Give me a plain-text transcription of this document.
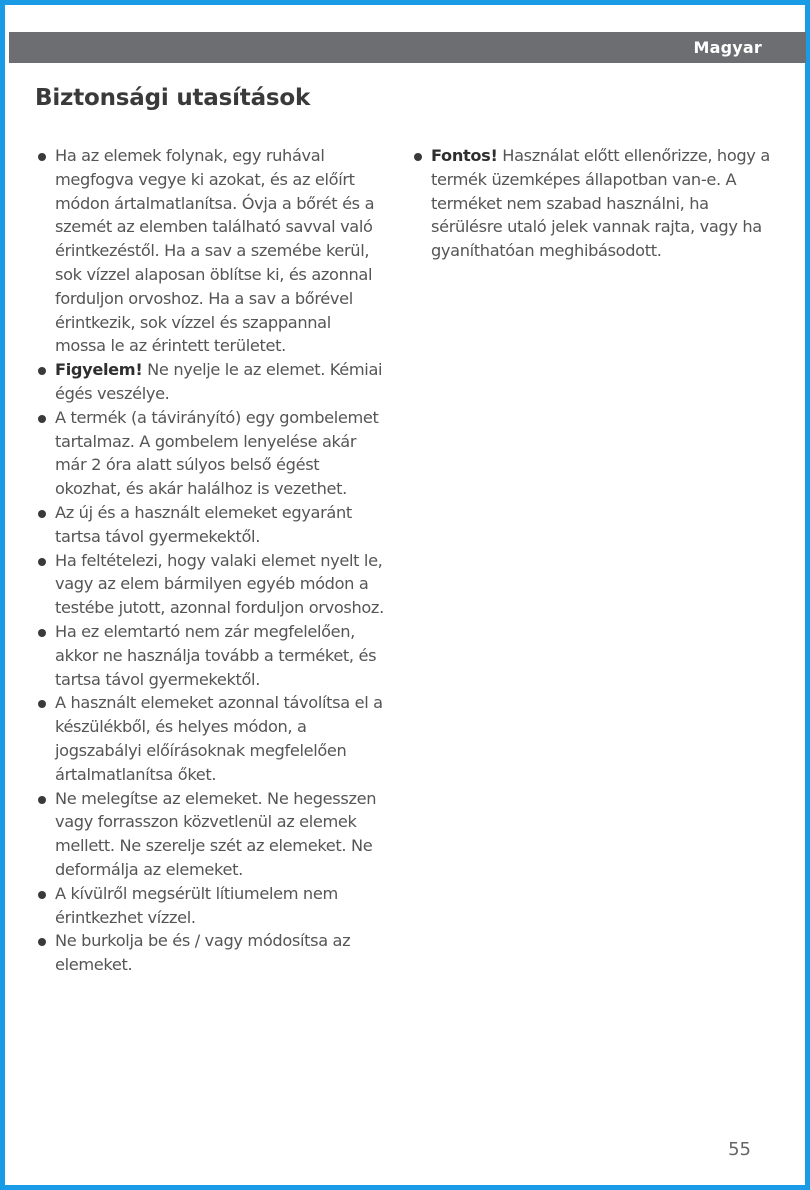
Magyar
Biztonsági utasítások
Ha az elemek folynak, egy ruhával megfogva vegye ki azokat, és az előírt módon ártalmatlanítsa. Óvja a bőrét és a szemét az elemben található savval való érintkezéstől. Ha a sav a szemébe kerül, sok vízzel alaposan öblítse ki, és azonnal forduljon orvoshoz. Ha a sav a bőrével érintkezik, sok vízzel és szappannal mossa le az érintett területet.
Figyelem! Ne nyelje le az elemet. Kémiai égés veszélye.
A termék (a távirányító) egy gombelemet tartalmaz. A gombelem lenyelése akár már 2 óra alatt súlyos belső égést okozhat, és akár halálhoz is vezethet.
Az új és a használt elemeket egyaránt tartsa távol gyermekektől.
Ha feltételezi, hogy valaki elemet nyelt le, vagy az elem bármilyen egyéb módon a testébe jutott, azonnal forduljon orvoshoz.
Ha ez elemtartó nem zár megfelelően, akkor ne használja tovább a terméket, és tartsa távol gyermekektől.
A használt elemeket azonnal távolítsa el a készülékből, és helyes módon, a jogszabályi előírásoknak megfelelően ártalmatlanítsa őket.
Ne melegítse az elemeket. Ne hegesszen vagy forrasszon közvetlenül az elemek mellett. Ne szerelje szét az elemeket. Ne deformálja az elemeket.
A kívülről megsérült lítiumelem nem érintkezhet vízzel.
Ne burkolja be és / vagy módosítsa az elemeket.
Fontos! Használat előtt ellenőrizze, hogy a termék üzemképes állapotban van-e. A terméket nem szabad használni, ha sérülésre utaló jelek vannak rajta, vagy ha gyaníthatóan meghibásodott.
55
